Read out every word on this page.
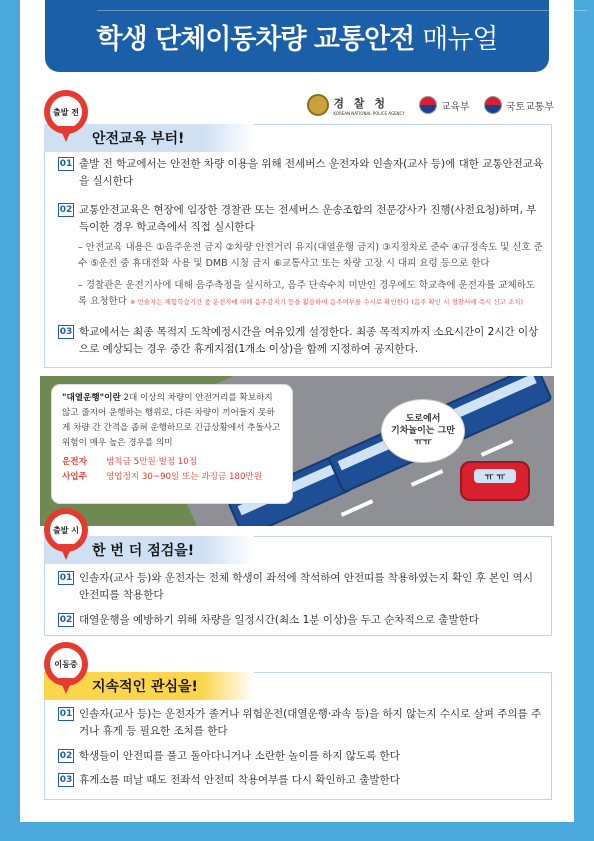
학생 단체이동차량 교통안전 매뉴얼
경 찰 청
KOREAN NATIONAL POLICE AGENCY
교육부	국토교통부
안전교육 부터!
출발 전
01 출발 전 학교에서는 안전한 차량 이용을 위해 전세버스 운전자와 인솔자(교사 등)에 대한 교통안전교육을 실시한다
02 교통안전교육은 현장에 임장한 경찰관 또는 전세버스 운송조합의 전문강사가 진행(사전요청)하며, 부득이한 경우 학교측에서 직접 실시한다
– 안전교육 내용은 ①음주운전 금지 ②차량 안전거리 유지(대열운행 금지) ③지정차로 준수 ④규정속도 및 신호 준수 ⑤운전 중 휴대전화 사용 및 DMB 시청 금지 ⑥교통사고 또는 차량 고장 시 대피 요령 등으로 한다
– 경찰관은 운전기사에 대해 음주측정을 실시하고, 음주 단속수치 미만인 경우에도 학교측에 운전자를 교체하도록 요청한다 ※ 인솔자는 체험학습기간 중 운전자에 대해 음주감지기 등을 활용하여 음주여부를 수시로 확인한다 (음주 확인 시 경찰서에 즉시 신고 조치)
03 학교에서는 최종 목적지 도착예정시간을 여유있게 설정한다. 최종 목적지까지 소요시간이 2시간 이상으로 예상되는 경우 중간 휴게지점(1개소 이상)을 함께 지정하여 공지한다.
ㅠ ㅠ
"대열운행"이란 2대 이상의 차량이 안전거리를 확보하지 않고 줄지어 운행하는 행위로, 다른 차량이 끼어들지 못하게 차량 간 간격을 좁혀 운행하므로 긴급상황에서 추돌사고 위험이 매우 높은 경우를 의미
운전자	범칙금 5만원·벌점 10점
사업주	영업정지 30~90일 또는 과징금 180만원
도로에서
기차놀이는 그만
ㅠㅠ
한 번 더 점검을!
출발 시
01 인솔자(교사 등)와 운전자는 전체 학생이 좌석에 착석하여 안전띠를 착용하였는지 확인 후 본인 역시 안전띠를 착용한다
02 대열운행을 예방하기 위해 차량을 일정시간(최소 1분 이상)을 두고 순차적으로 출발한다
지속적인 관심을!
이동중
01 인솔자(교사 등)는 운전자가 졸거나 위험운전(대열운행·과속 등)을 하지 않는지 수시로 살펴 주의를 주거나 휴게 등 필요한 조치를 한다
02 학생들이 안전띠를 풀고 돌아다니거나 소란한 놀이를 하지 않도록 한다
03 휴게소를 떠날 때도 전좌석 안전띠 착용여부를 다시 확인하고 출발한다
